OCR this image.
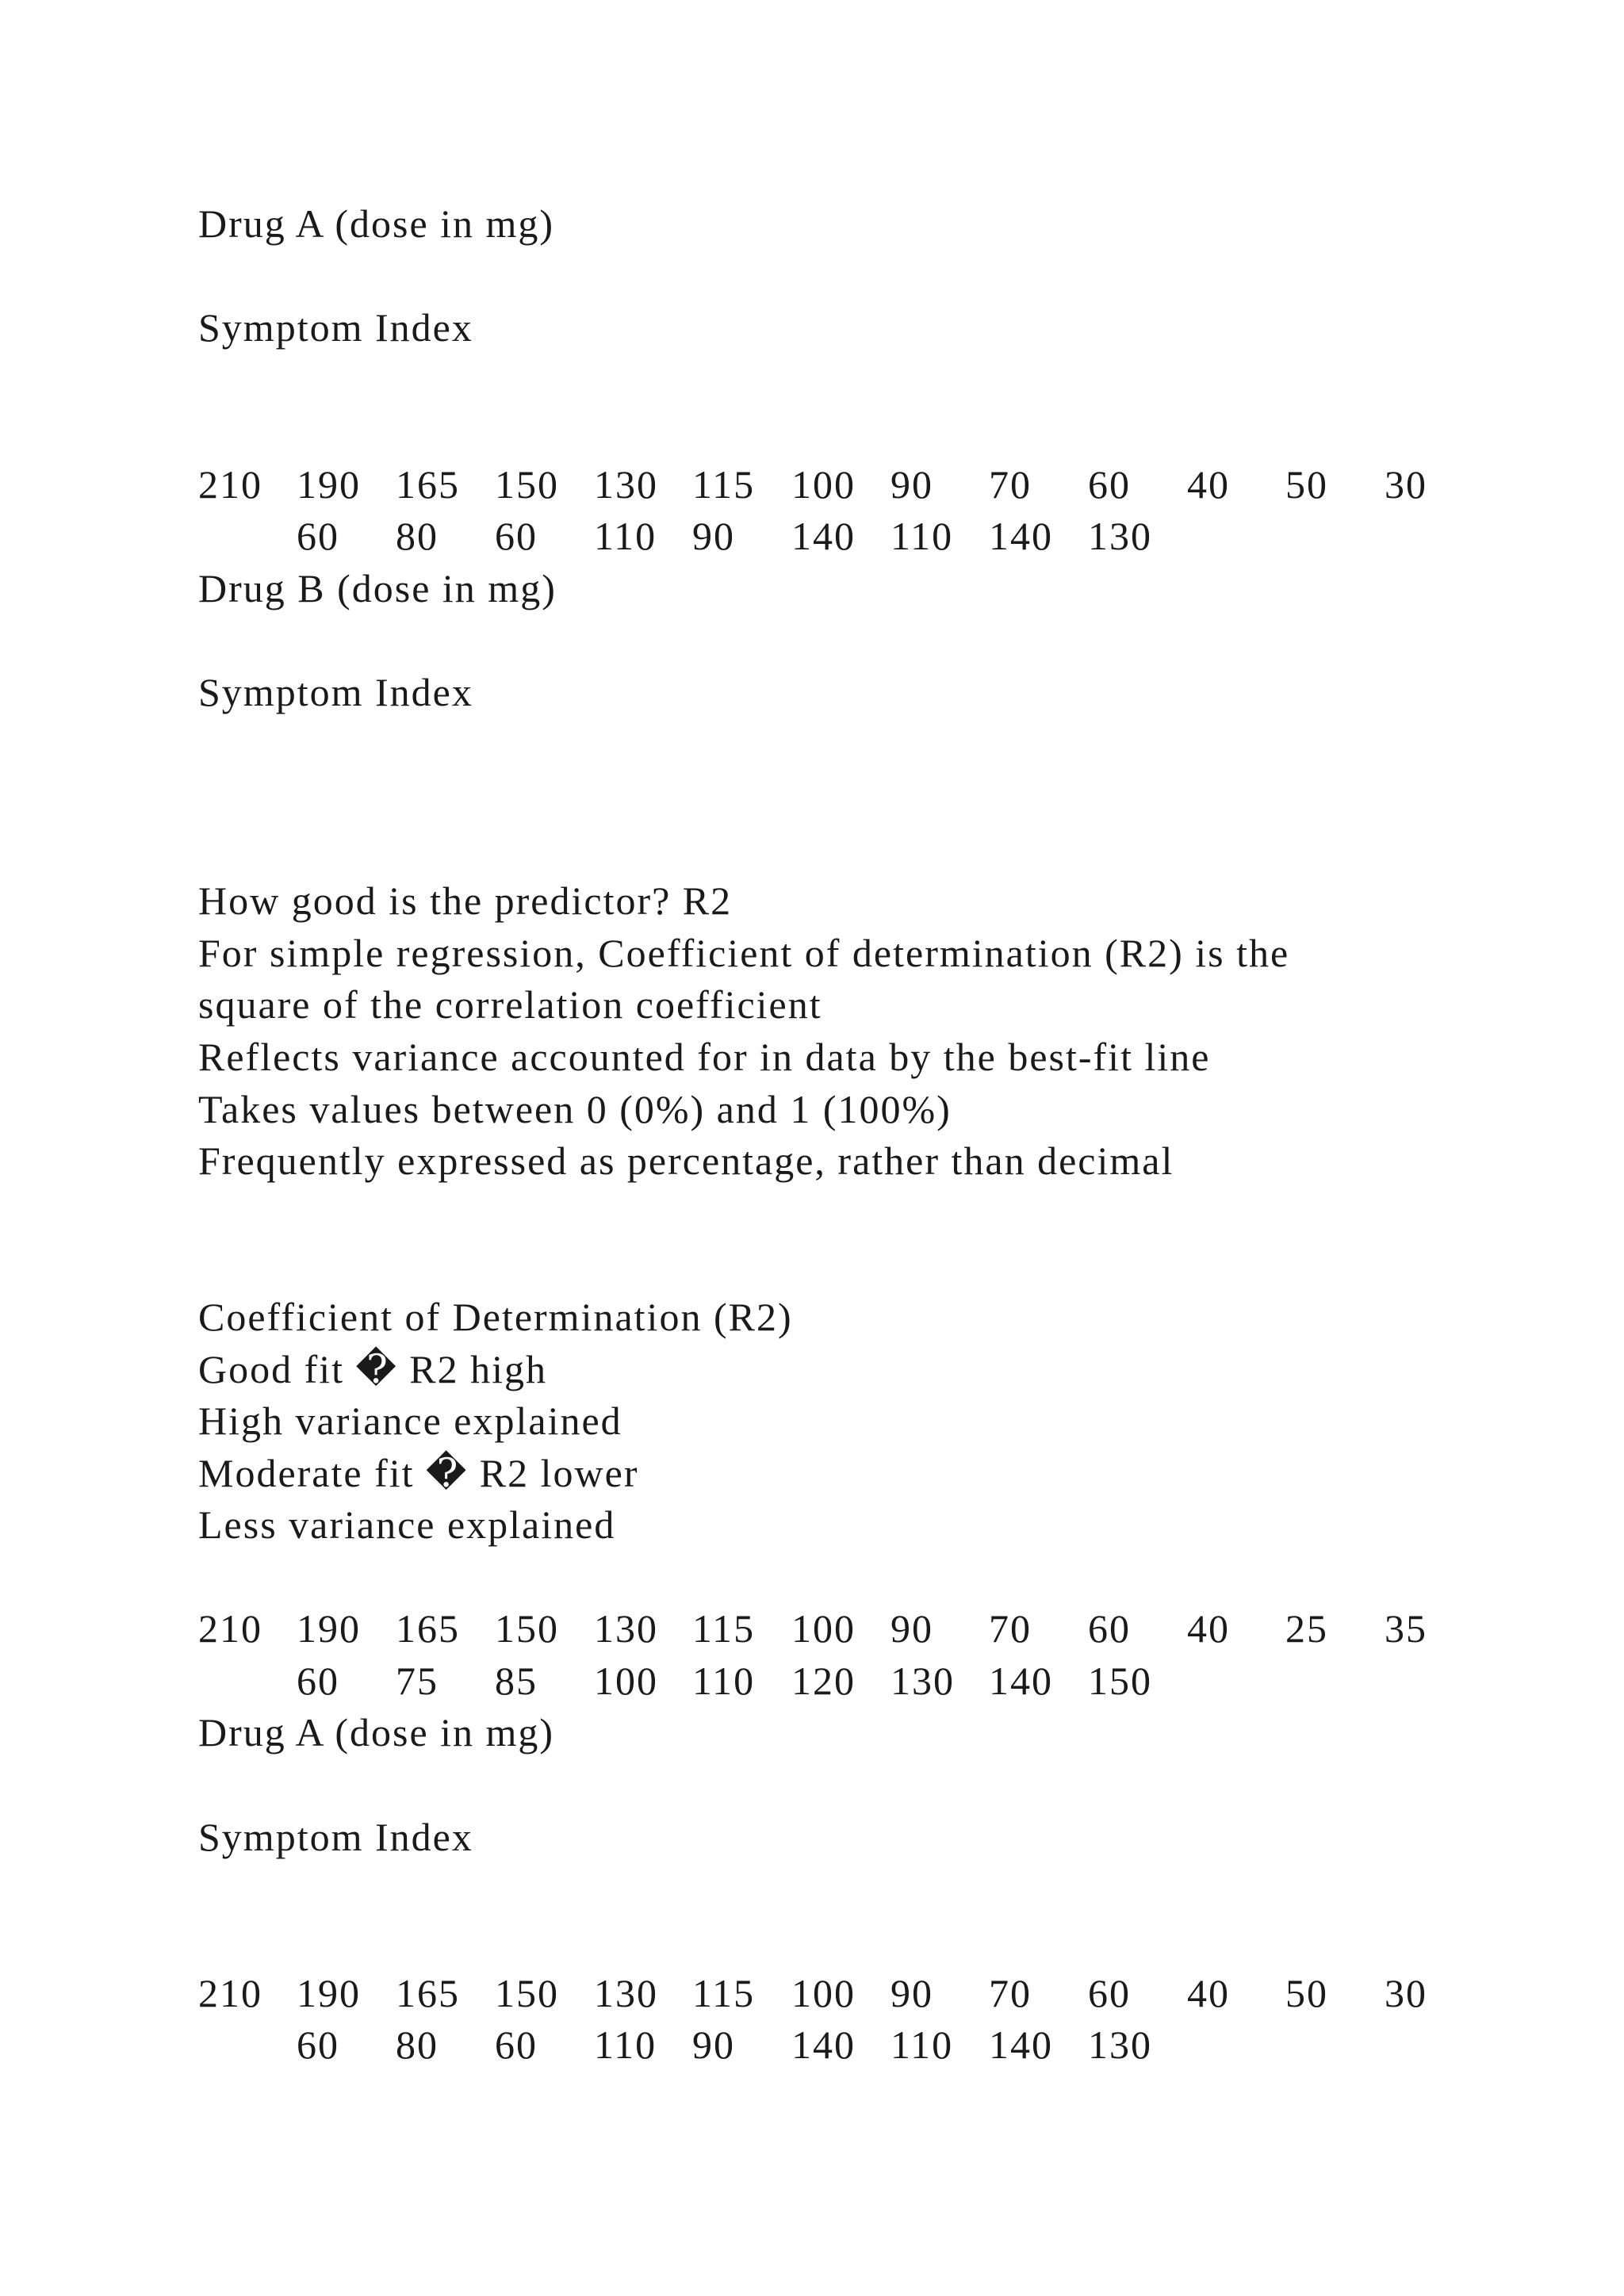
Drug A (dose in mg)
Symptom Index
210 190 165 150 130 115 100 90 70 60 40 50 30
60 80 60 110 90 140 110 140 130
Drug B (dose in mg)
Symptom Index
How good is the predictor? R2
For simple regression, Coefficient of determination (R2) is the
square of the correlation coefficient
Reflects variance accounted for in data by the best-fit line
Takes values between 0 (0%) and 1 (100%)
Frequently expressed as percentage, rather than decimal
Coefficient of Determination (R2)
Good fit � R2 high
High variance explained
Moderate fit � R2 lower
Less variance explained
210 190 165 150 130 115 100 90 70 60 40 25 35
60 75 85 100 110 120 130 140 150
Drug A (dose in mg)
Symptom Index
210 190 165 150 130 115 100 90 70 60 40 50 30
60 80 60 110 90 140 110 140 130
